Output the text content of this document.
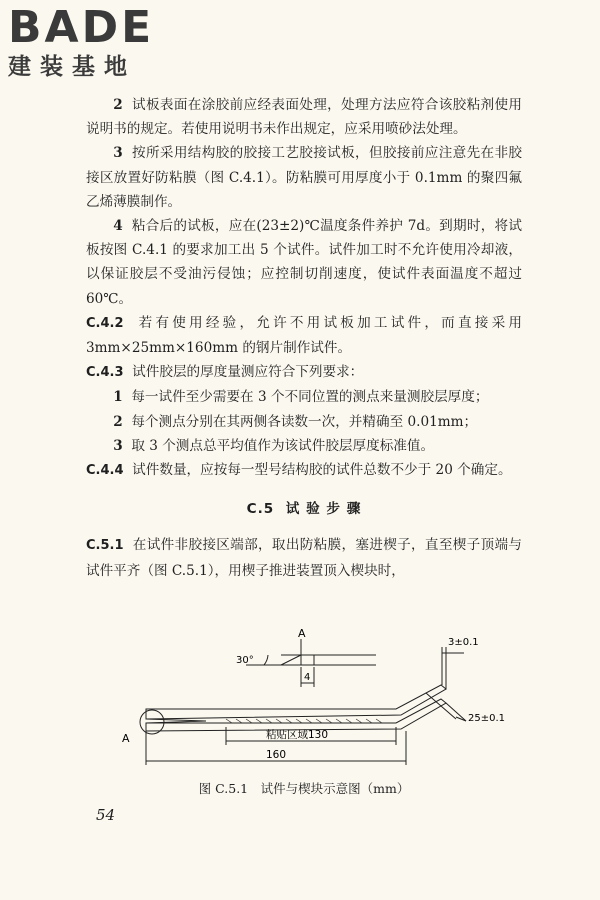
BADE
建装基地

2 试板表面在涂胶前应经表面处理，处理方法应符合该胶粘剂使用说明书的规定。若使用说明书未作出规定，应采用喷砂法处理。

3 按所采用结构胶的胶接工艺胶接试板，但胶接前应注意先在非胶接区放置好防粘膜（图 C.4.1）。防粘膜可用厚度小于 0.1mm 的聚四氟乙烯薄膜制作。

4 粘合后的试板，应在(23±2)℃温度条件养护 7d。到期时，将试板按图 C.4.1 的要求加工出 5 个试件。试件加工时不允许使用冷却液，以保证胶层不受油污侵蚀；应控制切削速度，使试件表面温度不超过 60℃。

C.4.2 若有使用经验，允许不用试板加工试件，而直接采用 3mm×25mm×160mm 的钢片制作试件。

C.4.3 试件胶层的厚度量测应符合下列要求：

1 每一试件至少需要在 3 个不同位置的测点来量测胶层厚度；

2 每个测点分别在其两侧各读数一次，并精确至 0.01mm；

3 取 3 个测点总平均值作为该试件胶层厚度标准值。

C.4.4 试件数量，应按每一型号结构胶的试件总数不少于 20 个确定。

C.5 试 验 步 骤

C.5.1 在试件非胶接区端部，取出防粘膜，塞进楔子，直至楔子顶端与试件平齐（图 C.5.1），用楔子推进装置顶入楔块时，

A
30°
4
3±0.1
25±0.1
A	粘贴区域130
160
图 C.5.1　试件与楔块示意图（mm）
54
